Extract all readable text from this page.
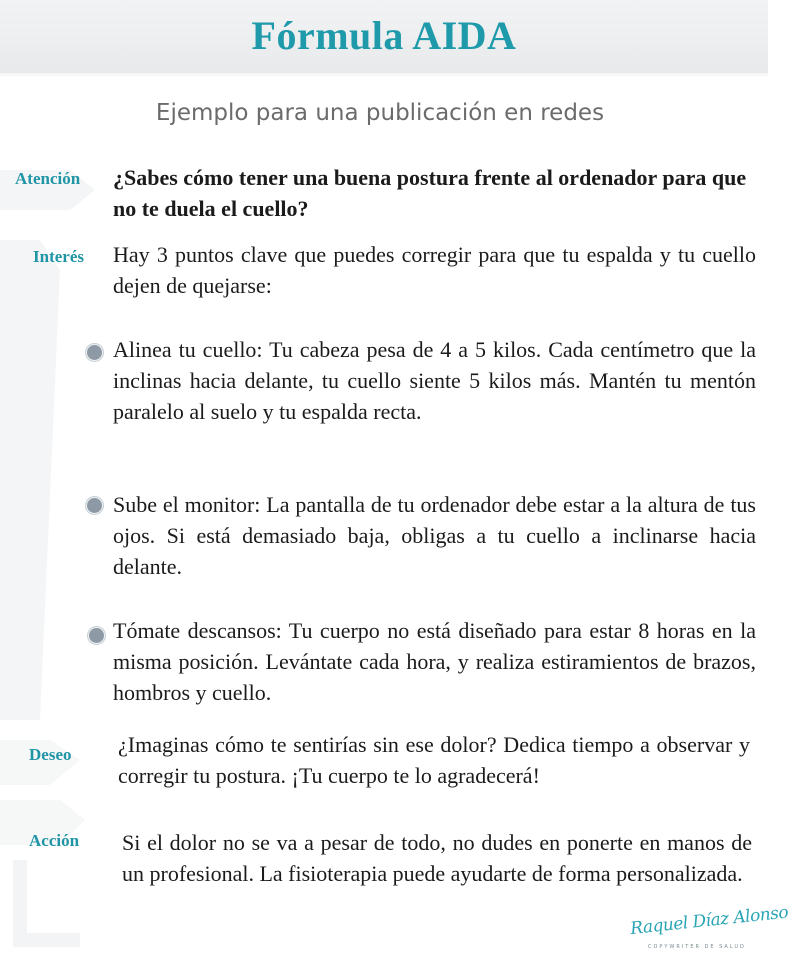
Fórmula AIDA
Ejemplo para una publicación en redes
Atención ¿Sabes cómo tener una buena postura frente al ordenador para que no te duela el cuello?
Interés Hay 3 puntos clave que puedes corregir para que tu espalda y tu cuello dejen de quejarse:
Alinea tu cuello: Tu cabeza pesa de 4 a 5 kilos. Cada centímetro que la inclinas hacia delante, tu cuello siente 5 kilos más. Mantén tu mentón paralelo al suelo y tu espalda recta.
Sube el monitor: La pantalla de tu ordenador debe estar a la altura de tus ojos. Si está demasiado baja, obligas a tu cuello a inclinarse hacia delante.
Tómate descansos: Tu cuerpo no está diseñado para estar 8 horas en la misma posición. Levántate cada hora, y realiza estiramientos de brazos, hombros y cuello.
Deseo ¿Imaginas cómo te sentirías sin ese dolor? Dedica tiempo a observar y corregir tu postura. ¡Tu cuerpo te lo agradecerá!
Acción Si el dolor no se va a pesar de todo, no dudes en ponerte en manos de un profesional. La fisioterapia puede ayudarte de forma personalizada.
Raquel Díaz Alonso
COPYWRITER DE SALUD
